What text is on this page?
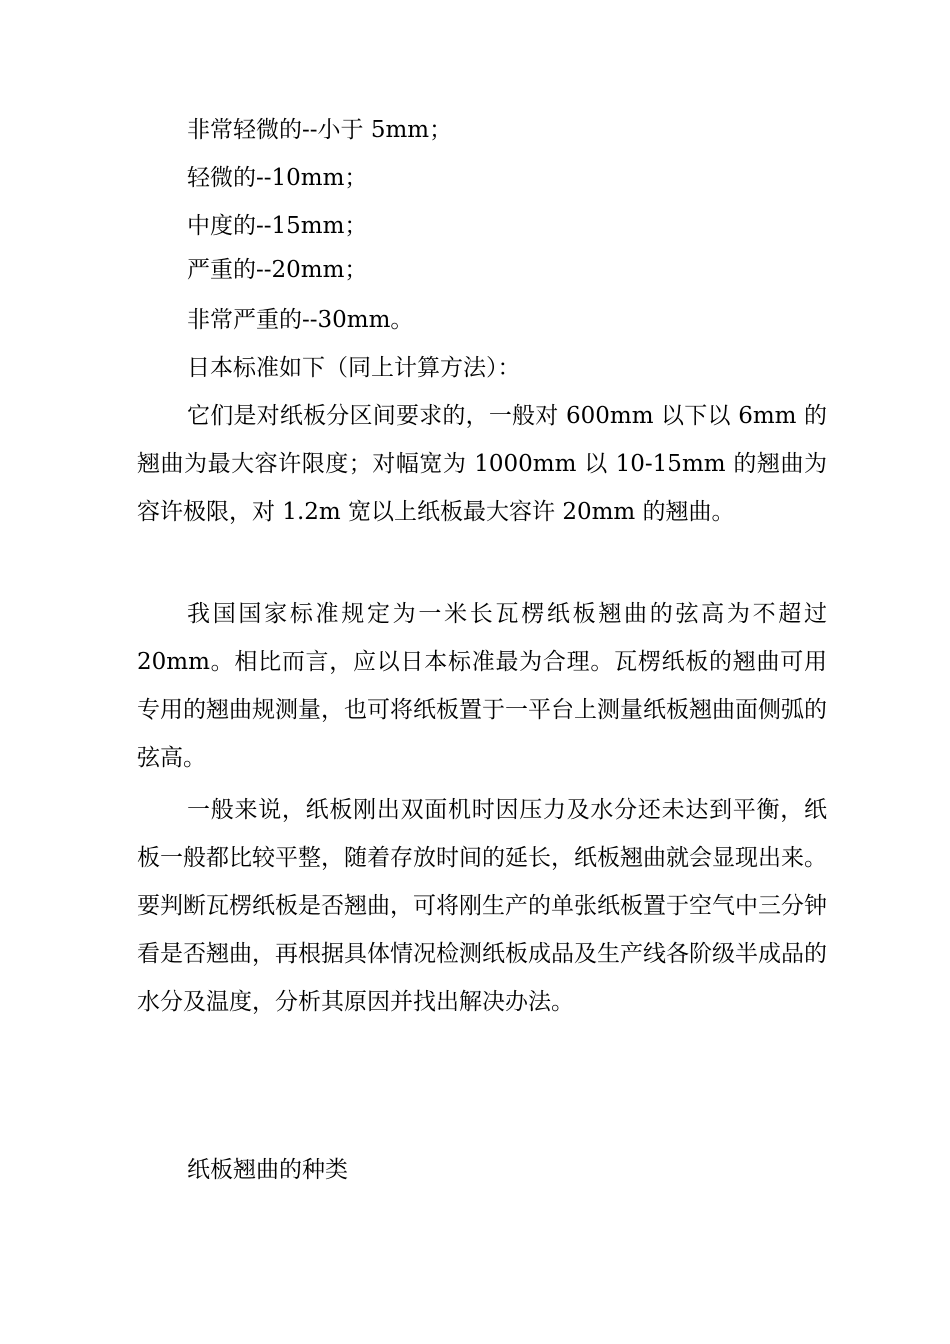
非常轻微的--小于 5mm；
轻微的--10mm；
中度的--15mm；
严重的--20mm；
非常严重的--30mm。
日本标准如下（同上计算方法）：

它们是对纸板分区间要求的，一般对 600mm 以下以 6mm 的翘曲为最大容许限度；对幅宽为 1000mm 以 10-15mm 的翘曲为容许极限，对 1.2m 宽以上纸板最大容许 20mm 的翘曲。

我国国家标准规定为一米长瓦楞纸板翘曲的弦高为不超过 20mm。相比而言，应以日本标准最为合理。瓦楞纸板的翘曲可用专用的翘曲规测量，也可将纸板置于一平台上测量纸板翘曲面侧弧的弦高。

一般来说，纸板刚出双面机时因压力及水分还未达到平衡，纸板一般都比较平整，随着存放时间的延长，纸板翘曲就会显现出来。要判断瓦楞纸板是否翘曲，可将刚生产的单张纸板置于空气中三分钟看是否翘曲，再根据具体情况检测纸板成品及生产线各阶级半成品的水分及温度，分析其原因并找出解决办法。

纸板翘曲的种类
